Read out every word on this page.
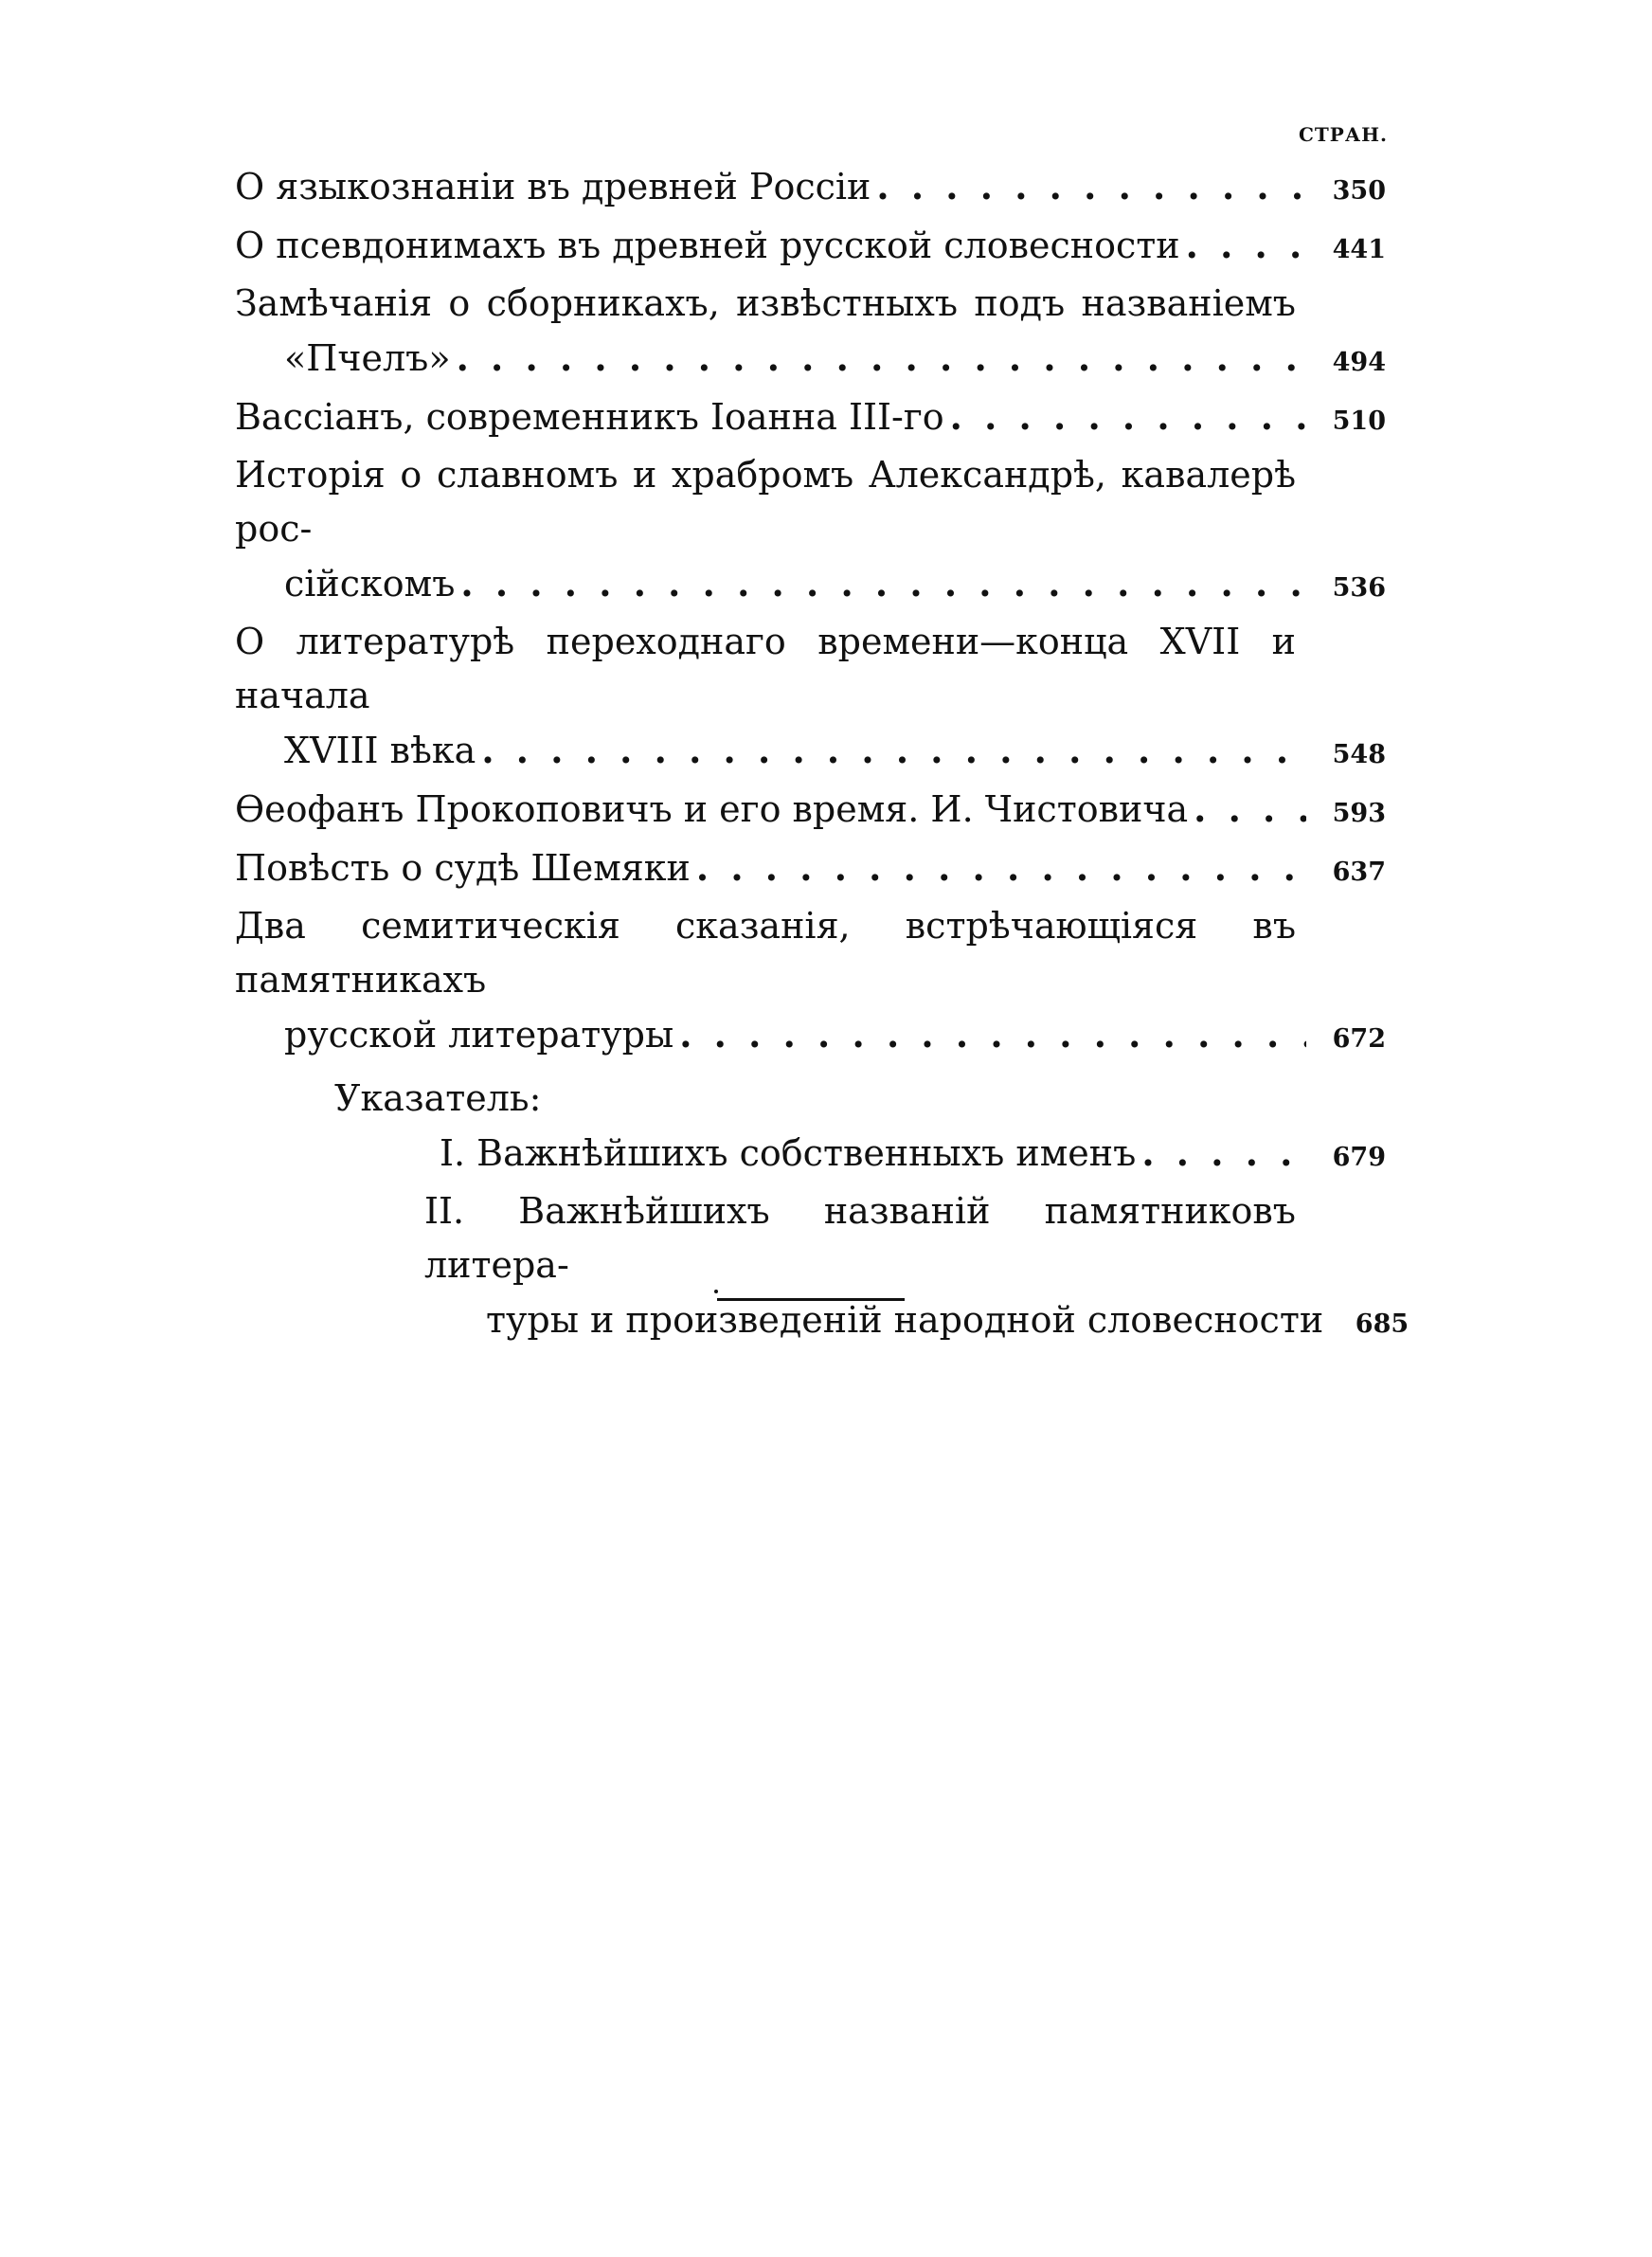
СТРАН.
О языкознаніи въ древней Россіи . . .	350
О псевдонимахъ въ древней русской словесности . . .	441
Замѣчанія о сборникахъ, извѣстныхъ подъ названіемъ
«Пчелъ» . . .	494
Вассіанъ, современникъ Іоанна III-го . . .	510
Исторія о славномъ и храбромъ Александрѣ, кавалерѣ рос-
сійскомъ . . .	536
О литературѣ переходнаго времени—конца XVII и начала
XVIII вѣка . . .	548
Ѳеофанъ Прокоповичъ и его время. И. Чистовича . . .	593
Повѣсть о судѣ Шемяки . . .	637
Два семитическія сказанія, встрѣчающіяся въ памятникахъ
русской литературы . . .	672
Указатель:
I. Важнѣйшихъ собственныхъ именъ . . .	679
II. Важнѣйшихъ названій памятниковъ литера-
туры и произведеній народной словесности	685
